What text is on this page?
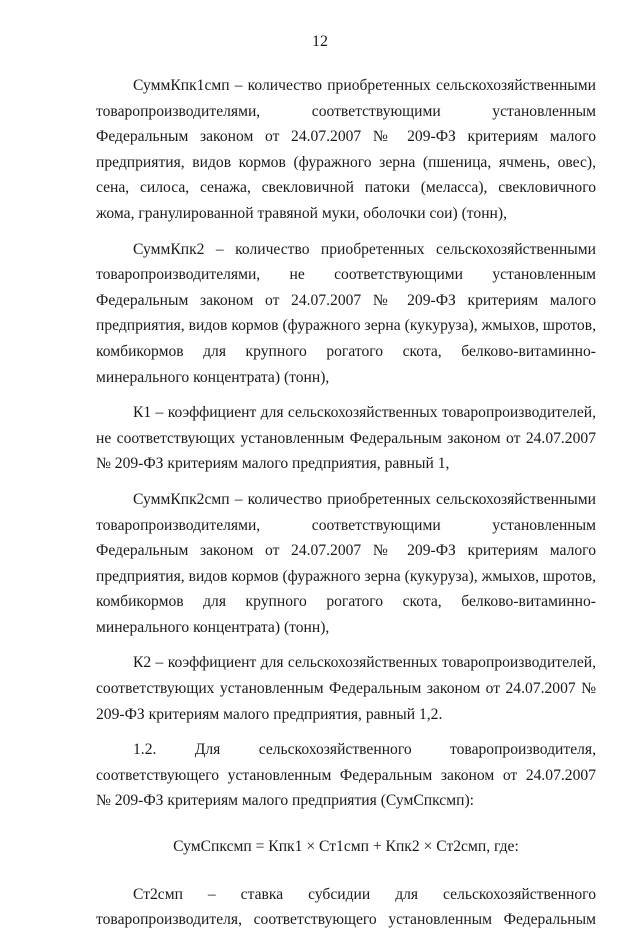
12

СуммКпк1смп – количество приобретенных сельскохозяйственными товаропроизводителями, соответствующими установленным Федеральным законом от 24.07.2007 № 209-ФЗ критериям малого предприятия, видов кормов (фуражного зерна (пшеница, ячмень, овес), сена, силоса, сенажа, свекловичной патоки (меласса), свекловичного жома, гранулированной травяной муки, оболочки сои) (тонн),

СуммКпк2 – количество приобретенных сельскохозяйственными товаропроизводителями, не соответствующими установленным Федеральным законом от 24.07.2007 № 209-ФЗ критериям малого предприятия, видов кормов (фуражного зерна (кукуруза), жмыхов, шротов, комбикормов для крупного рогатого скота, белково-витаминно-минерального концентрата) (тонн),

К1 – коэффициент для сельскохозяйственных товаропроизводителей, не соответствующих установленным Федеральным законом от 24.07.2007 № 209-ФЗ критериям малого предприятия, равный 1,

СуммКпк2смп – количество приобретенных сельскохозяйственными товаропроизводителями, соответствующими установленным Федеральным законом от 24.07.2007 № 209-ФЗ критериям малого предприятия, видов кормов (фуражного зерна (кукуруза), жмыхов, шротов, комбикормов для крупного рогатого скота, белково-витаминно-минерального концентрата) (тонн),

К2 – коэффициент для сельскохозяйственных товаропроизводителей, соответствующих установленным Федеральным законом от 24.07.2007 № 209-ФЗ критериям малого предприятия, равный 1,2.

1.2. Для сельскохозяйственного товаропроизводителя,

соответствующего установленным Федеральным законом от 24.07.2007

№ 209-ФЗ критериям малого предприятия (СумСпксмп):

СумСпксмп = Кпк1 × Ст1смп + Кпк2 × Ст2смп, где:

Ст2смп – ставка субсидии для сельскохозяйственного

товаропроизводителя, соответствующего установленным Федеральным
